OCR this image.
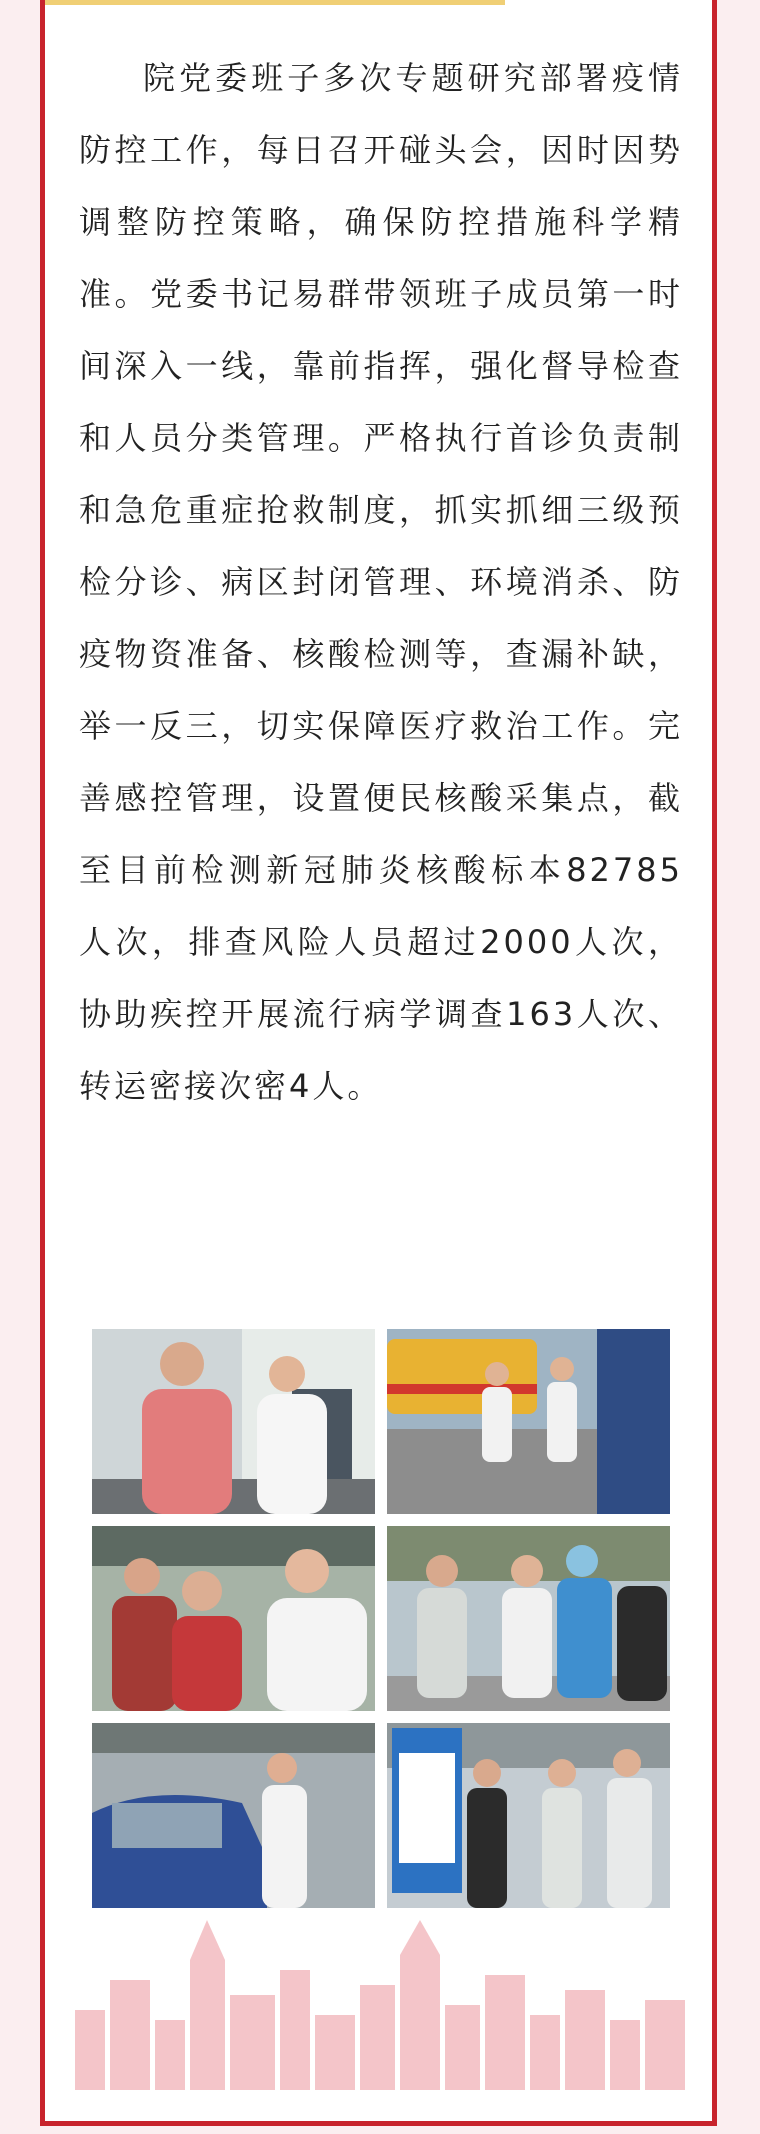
院党委班子多次专题研究部署疫情防控工作，每日召开碰头会，因时因势调整防控策略，确保防控措施科学精准。党委书记易群带领班子成员第一时间深入一线，靠前指挥，强化督导检查和人员分类管理。严格执行首诊负责制和急危重症抢救制度，抓实抓细三级预检分诊、病区封闭管理、环境消杀、防疫物资准备、核酸检测等，查漏补缺，举一反三，切实保障医疗救治工作。完善感控管理，设置便民核酸采集点，截至目前检测新冠肺炎核酸标本82785人次，排查风险人员超过2000人次，协助疾控开展流行病学调查163人次、转运密接次密4人。
